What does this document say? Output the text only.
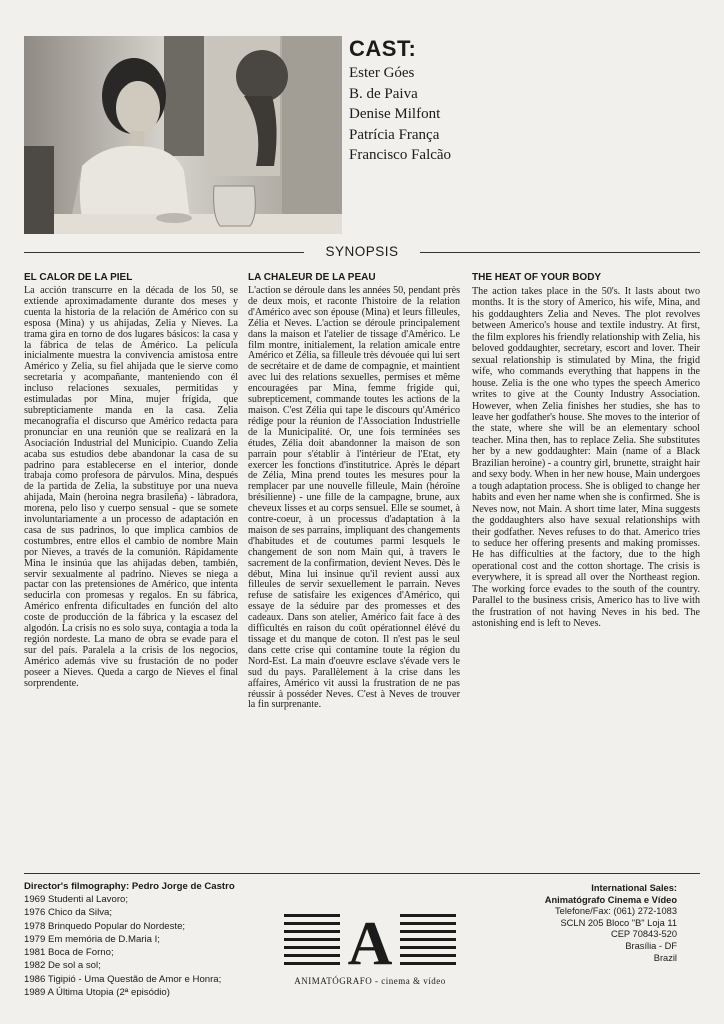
CAST:
Ester Góes
B. de Paiva
Denise Milfont
Patrícia França
Francisco Falcão
SYNOPSIS
EL CALOR DE LA PIEL

La acción transcurre en la década de los 50, se extiende aproximadamente durante dos meses y cuenta la historia de la relación de Américo con su esposa (Mina) y us ahijadas, Zelia y Nieves. La trama gira en torno de dos lugares básicos: la casa y la fábrica de telas de Américo. La película inicialmente muestra la convivencia amistosa entre Américo y Zelia, su fiel ahijada que le sierve como secretaria y acompañante, manteniendo con él incluso relaciones sexuales, permitidas y estimuladas por Mina, mujer frígida, que subrepticiamente manda en la casa. Zelia mecanografía el discurso que Américo redacta para pronunciar en una reunión que se realizará en la Asociación Industrial del Municipio. Cuando Zelia acaba sus estudios debe abandonar la casa de su padrino para establecerse en el interior, donde trabaja como profesora de párvulos. Mina, después de la partida de Zelia, la substituye por una nueva ahijada, Main (heroina negra brasileña) - làbradora, morena, pelo liso y cuerpo sensual - que se somete involuntariamente a un processo de adaptación en casa de sus padrinos, lo que implica cambios de costumbres, entre ellos el cambio de nombre Main por Nieves, a través de la comunión. Rápidamente Mina le insinúa que las ahijadas deben, también, servir sexualmente al padrino. Nieves se niega a pactar con las pretensiones de Américo, que intenta seducirla con promesas y regalos. En su fábrica, Américo enfrenta dificultades en función del alto coste de producción de la fábrica y la escasez del algodón. La crisis no es solo suya, contagia a toda la región nordeste. La mano de obra se evade para el sur del país. Paralela a la crisis de los negocios, Américo además vive su frustación de no poder poseer a Nieves. Queda a cargo de Nieves el final sorprendente.

LA CHALEUR DE LA PEAU

L'action se déroule dans les années 50, pendant près de deux mois, et raconte l'histoire de la relation d'Américo avec son épouse (Mina) et leurs filleules, Zélia et Neves. L'action se déroule principalement dans la maison et l'atelier de tissage d'Américo. Le film montre, initialement, la relation amicale entre Américo et Zélia, sa filleule très dévouée qui lui sert de secrétaire et de dame de compagnie, et maintient avec lui des relations sexuelles, permises et même encouragées par Mina, femme frigide qui, subrepticement, commande toutes les actions de la maison. C'est Zélia qui tape le discours qu'Américo rédige pour la réunion de l'Association Industrielle de la Municipalité. Or, une fois terminées ses études, Zélia doit abandonner la maison de son parrain pour s'établir à l'intérieur de l'Etat, ety exercer les fonctions d'institutrice. Après le départ de Zélia, Mina prend toutes les mesures pour la remplacer par une nouvelle filleule, Main (héroïne brésilienne) - une fille de la campagne, brune, aux cheveux lisses et au corps sensuel. Elle se soumet, à contre-coeur, à un processus d'adaptation à la maison de ses parrains, impliquant des changements d'habitudes et de coutumes parmi lesquels le changement de son nom Main qui, à travers le sacrement de la confirmation, devient Neves. Dès le début, Mina lui insinue qu'il revient aussi aux filleules de servir sexuellement le parrain. Neves refuse de satisfaire les exigences d'Américo, qui essaye de la séduire par des promesses et des cadeaux. Dans son atelier, Américo fait face à des difficultés en raison du coût opérationnel élévé du tissage et du manque de coton. Il n'est pas le seul dans cette crise qui contamine toute la région du Nord-Est. La main d'oeuvre esclave s'évade vers le sud du pays. Parallèlement à la crise dans les affaires, Américo vit aussi la frustration de ne pas réussir à posséder Neves. C'est à Neves de trouver la fin surprenante.

THE HEAT OF YOUR BODY

The action takes place in the 50's. It lasts about two months. It is the story of Americo, his wife, Mina, and his goddaughters Zelia and Neves. The plot revolves between Americo's house and textile industry. At first, the film explores his friendly relationship with Zelia, his beloved goddaughter, secretary, escort and lover. Their sexual relationship is stimulated by Mina, the frigid wife, who commands everything that happens in the house. Zelia is the one who types the speech Americo writes to give at the County Industry Association. However, when Zelia finishes her studies, she has to leave her godfather's house. She moves to the interior of the state, where she will be an elementary school teacher. Mina then, has to replace Zelia. She substitutes her by a new goddaughter: Main (name of a Black Brazilian heroine) - a country girl, brunette, straight hair and sexy body. When in her new house, Main undergoes a tough adaptation process. She is obliged to change her habits and even her name when she is confirmed. She is Neves now, not Main. A short time later, Mina suggests the goddaughters also have sexual relationships with their godfather. Neves refuses to do that. Americo tries to seduce her offering presents and making promisses. He has difficulties at the factory, due to the high operational cost and the cotton shortage. The crisis is everywhere, it is spread all over the Northeast region. The working force evades to the south of the country. Parallel to the business crisis, Americo has to live with the frustration of not having Neves in his bed. The astonishing end is left to Neves.

Director's filmography: Pedro Jorge de Castro
1969 Studenti al Lavoro;
1976 Chico da Silva;
1978 Brinquedo Popular do Nordeste;
1979 Em memória de D.Maria I;
1981 Boca de Forno;
1982 De sol a sol;
1986 Tigipió - Uma Questão de Amor e Honra;
1989 A Última Utopia (2ª episódio)
A
ANIMATÓGRAFO - cinema & vídeo
International Sales:
Animatógrafo Cinema e Vídeo
Telefone/Fax: (061) 272-1083
SCLN 205 Bloco "B" Loja 11
CEP 70843-520
Brasília - DF
Brazil
